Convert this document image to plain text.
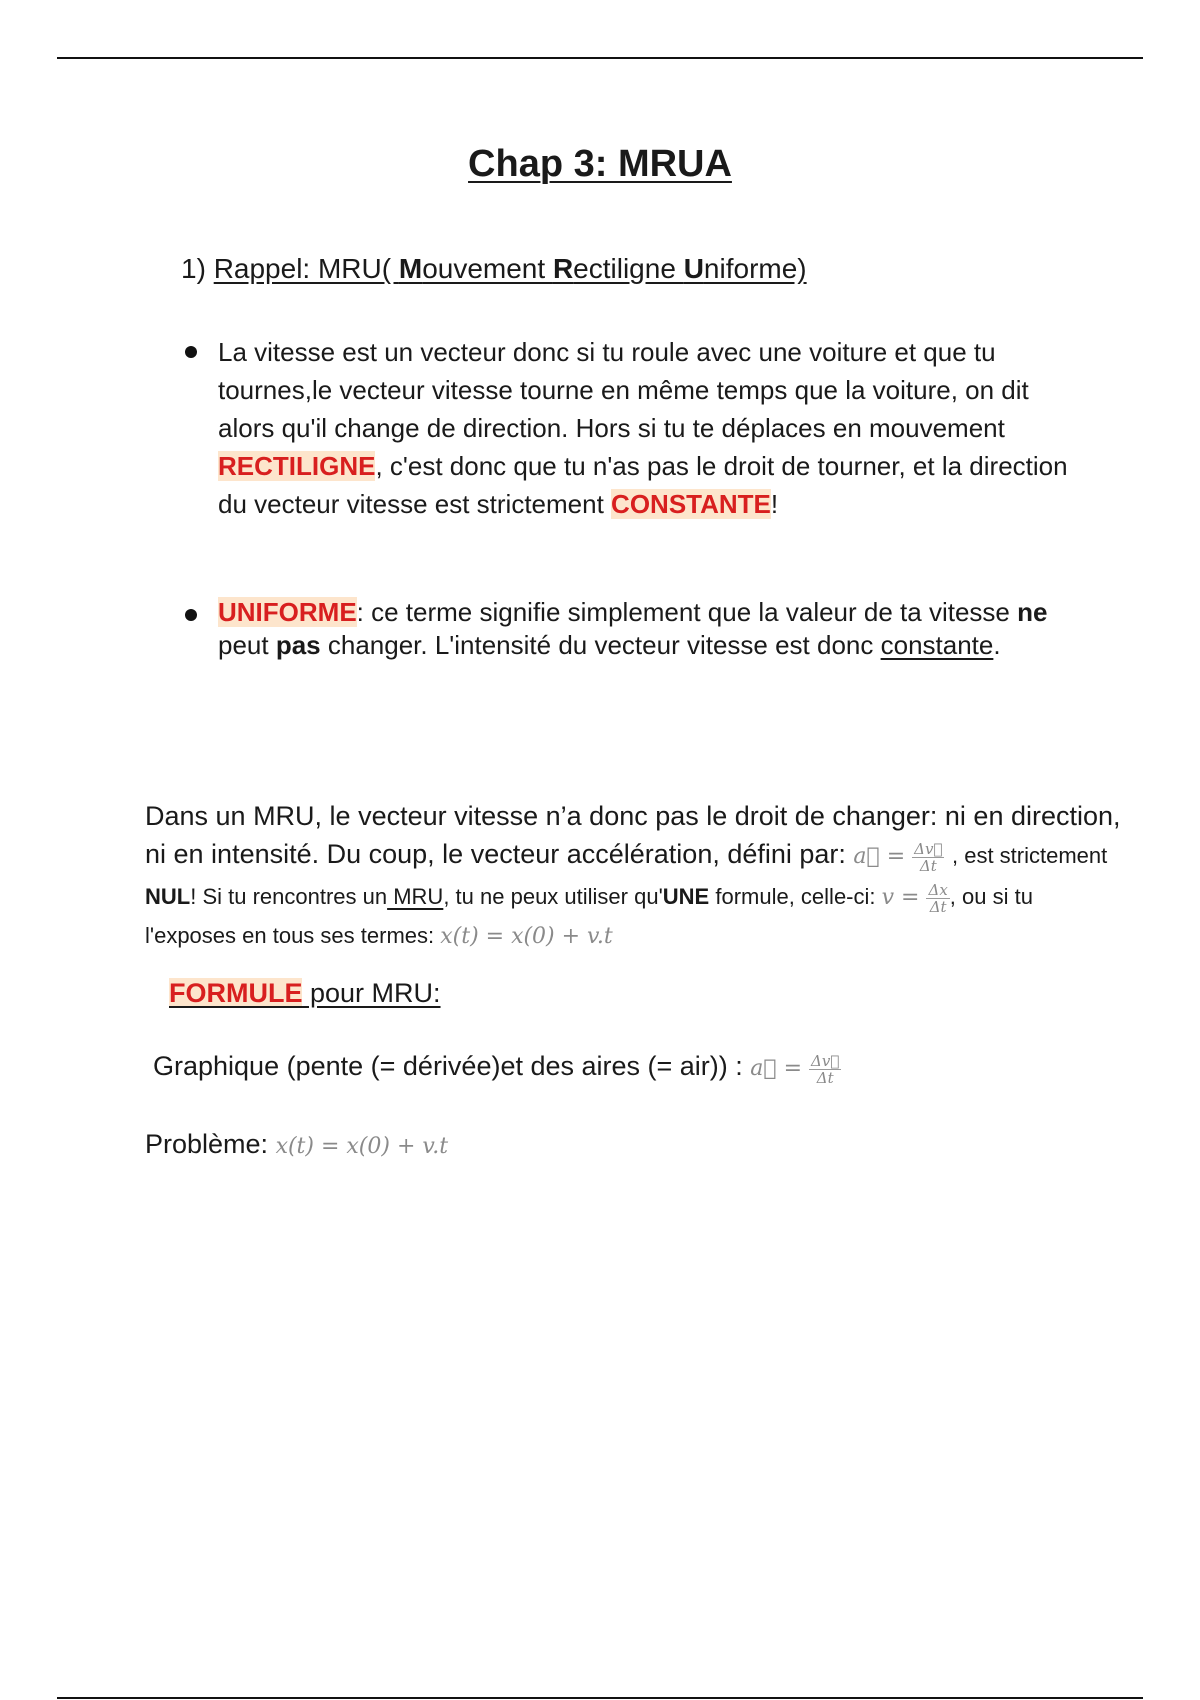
Chap 3: MRUA

1) Rappel: MRU( Mouvement Rectiligne Uniforme)

La vitesse est un vecteur donc si tu roule avec une voiture et que tu tournes,le vecteur vitesse tourne en même temps que la voiture, on dit alors qu'il change de direction. Hors si tu te déplaces en mouvement RECTILIGNE, c'est donc que tu n'as pas le droit de tourner, et la direction du vecteur vitesse est strictement CONSTANTE!
UNIFORME: ce terme signifie simplement que la valeur de ta vitesse ne peut pas changer. L'intensité du vecteur vitesse est donc constante.

Dans un MRU, le vecteur vitesse n’a donc pas le droit de changer: ni en direction, ni en intensité. Du coup, le vecteur accélération, défini par: a⃗ = $\frac{\Delta v⃗}{\Delta t}$ , est strictement NUL! Si tu rencontres un MRU, tu ne peux utiliser qu'UNE formule, celle-ci: $v = \frac{\Delta x}{\Delta t}$ , ou si tu l'exposes en tous ses termes: x(t) = x(0) + v.t

FORMULE pour MRU:

Graphique (pente (= dérivée)et des aires (= air)) : a⃗ = $\frac{\Delta v⃗}{\Delta t}$

Problème: x(t) = x(0) + v.t
